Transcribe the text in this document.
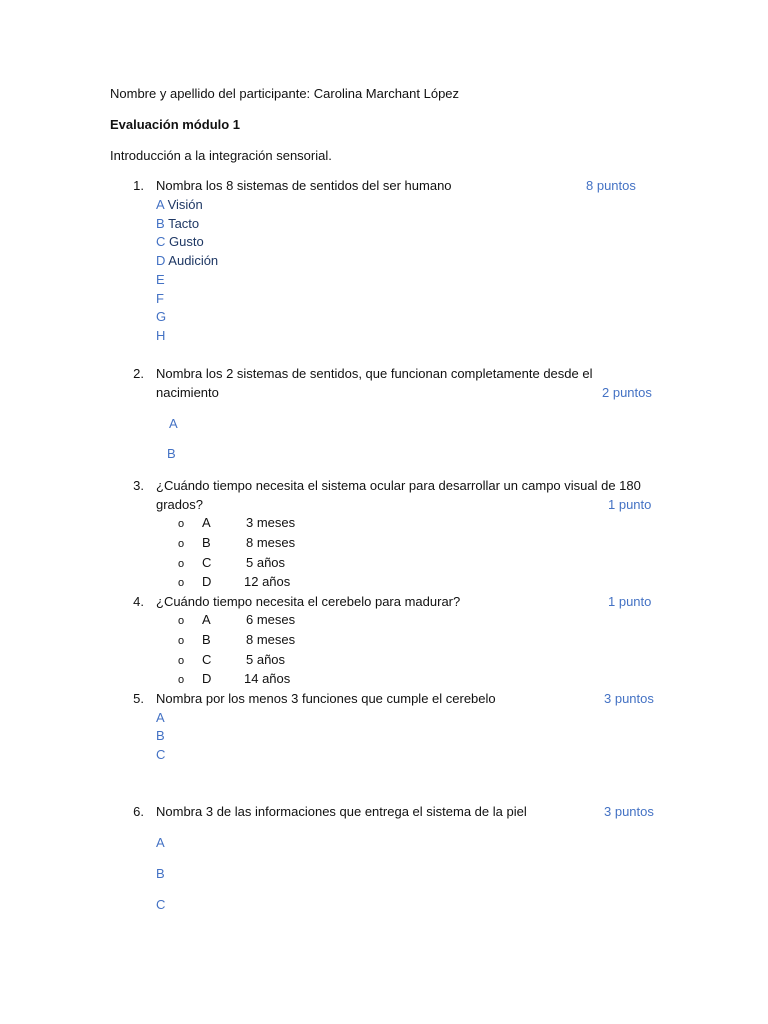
Nombre y apellido del participante: Carolina Marchant López
Evaluación módulo 1
Introducción a la integración sensorial.
1. Nombra los 8 sistemas de sentidos del ser humano	8 puntos
A Visión
B Tacto
C Gusto
D Audición
E
F
G
H
2. Nombra los 2 sistemas de sentidos, que funcionan completamente desde el
nacimiento	2 puntos
A
B
3. ¿Cuándo tiempo necesita el sistema ocular para desarrollar un campo visual de 180
grados?	1 punto
o A	3 meses
o B	8 meses
o C	5 años
o D	12 años
4. ¿Cuándo tiempo necesita el cerebelo para madurar?	1 punto
o A	6 meses
o B	8 meses
o C	5 años
o D	14 años
5. Nombra por los menos 3 funciones que cumple el cerebelo	3 puntos
A
B
C
6. Nombra 3 de las informaciones que entrega el sistema de la piel	3 puntos
A
B
C
